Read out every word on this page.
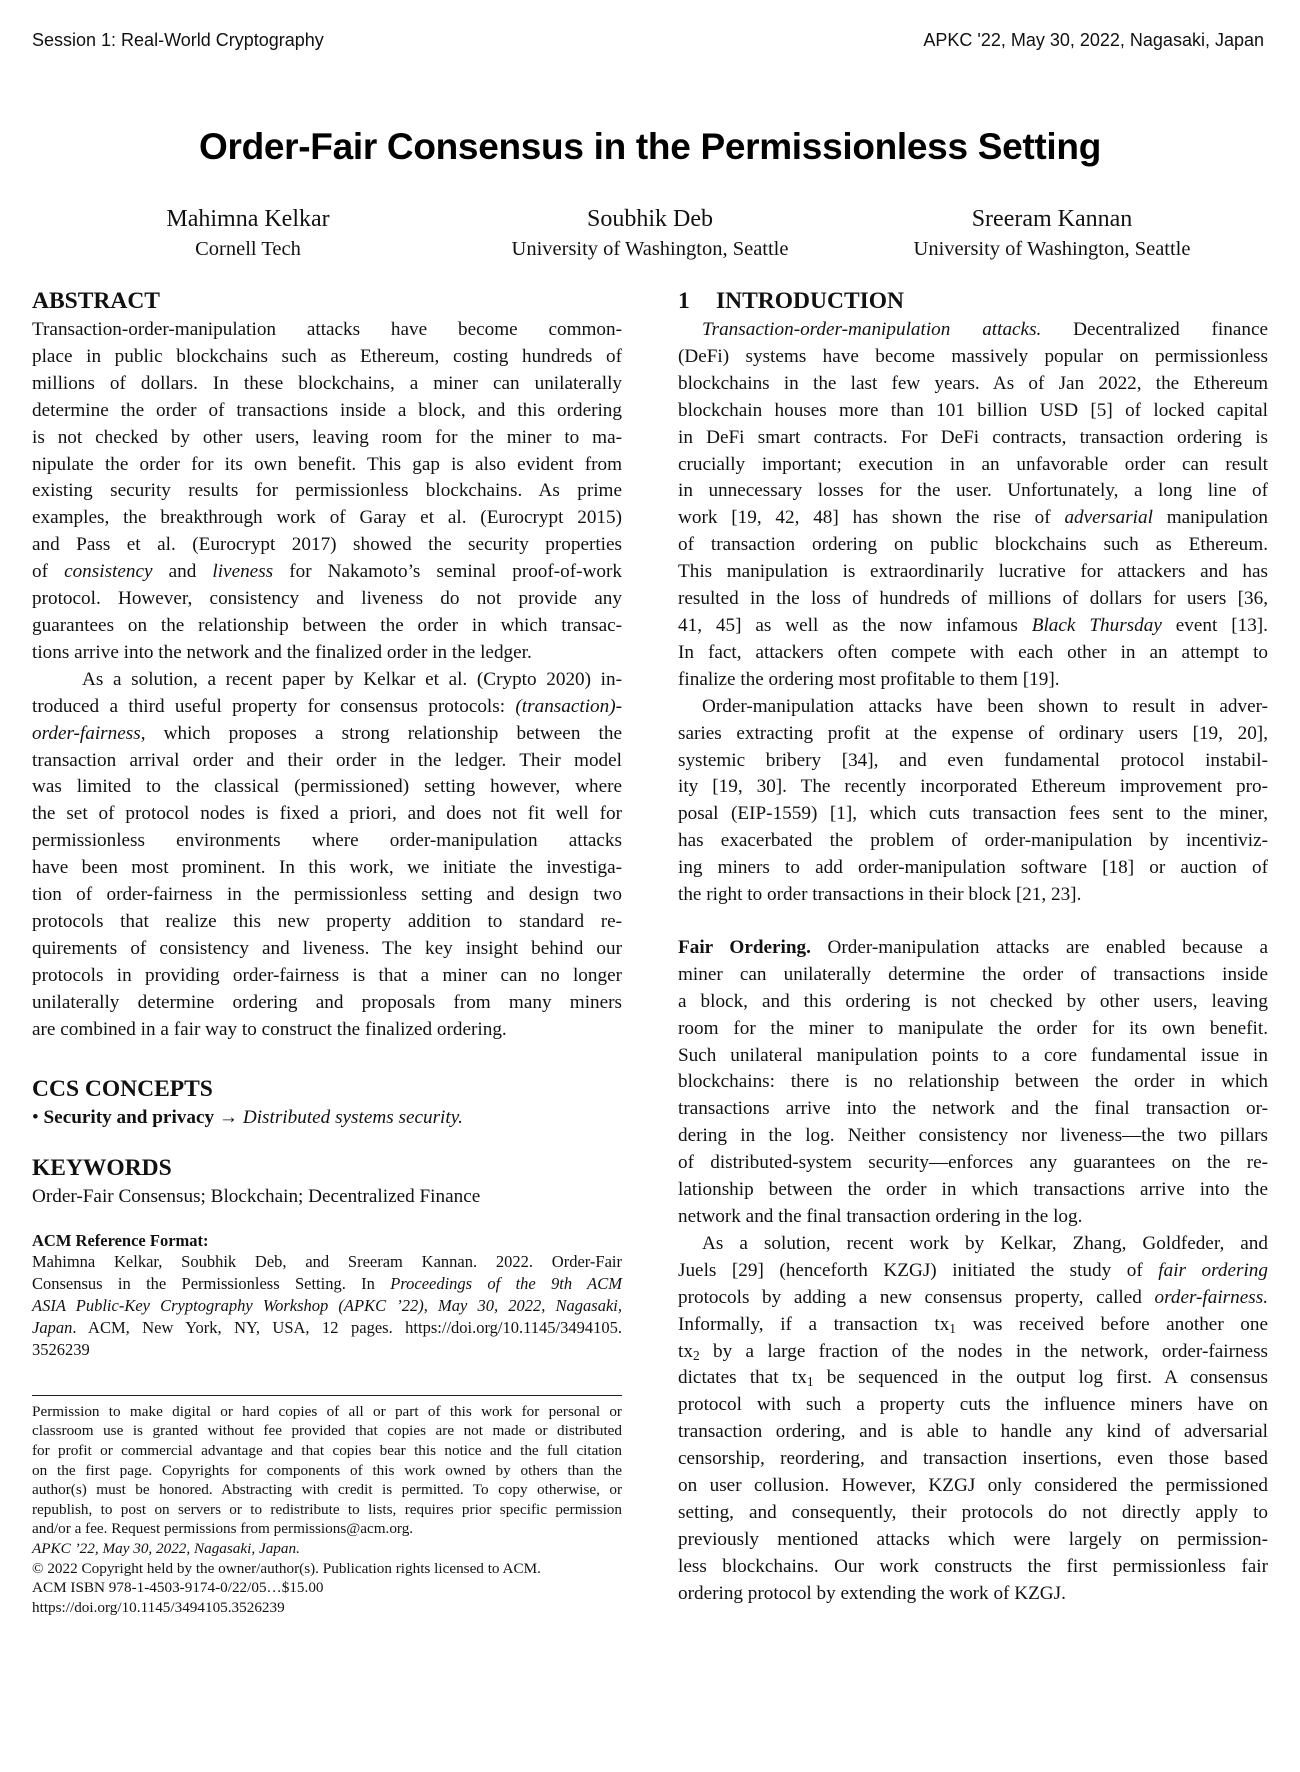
Session 1: Real-World Cryptography	APKC '22, May 30, 2022, Nagasaki, Japan
Order-Fair Consensus in the Permissionless Setting
Mahimna Kelkar
Cornell Tech
Soubhik Deb
University of Washington, Seattle
Sreeram Kannan
University of Washington, Seattle
ABSTRACT
Transaction-order-manipulation attacks have become common-
place in public blockchains such as Ethereum, costing hundreds of
millions of dollars. In these blockchains, a miner can unilaterally
determine the order of transactions inside a block, and this ordering
is not checked by other users, leaving room for the miner to ma-
nipulate the order for its own benefit. This gap is also evident from
existing security results for permissionless blockchains. As prime
examples, the breakthrough work of Garay et al. (Eurocrypt 2015)
and Pass et al. (Eurocrypt 2017) showed the security properties
of consistency and liveness for Nakamoto’s seminal proof-of-work
protocol. However, consistency and liveness do not provide any
guarantees on the relationship between the order in which transac-
tions arrive into the network and the finalized order in the ledger.
As a solution, a recent paper by Kelkar et al. (Crypto 2020) in-
troduced a third useful property for consensus protocols: (transaction)-
order-fairness, which proposes a strong relationship between the
transaction arrival order and their order in the ledger. Their model
was limited to the classical (permissioned) setting however, where
the set of protocol nodes is fixed a priori, and does not fit well for
permissionless environments where order-manipulation attacks
have been most prominent. In this work, we initiate the investiga-
tion of order-fairness in the permissionless setting and design two
protocols that realize this new property addition to standard re-
quirements of consistency and liveness. The key insight behind our
protocols in providing order-fairness is that a miner can no longer
unilaterally determine ordering and proposals from many miners
are combined in a fair way to construct the finalized ordering.
CCS CONCEPTS
• Security and privacy → Distributed systems security.
KEYWORDS
Order-Fair Consensus; Blockchain; Decentralized Finance
ACM Reference Format:
Mahimna Kelkar, Soubhik Deb, and Sreeram Kannan. 2022. Order-Fair
Consensus in the Permissionless Setting. In Proceedings of the 9th ACM
ASIA Public-Key Cryptography Workshop (APKC ’22), May 30, 2022, Nagasaki,
Japan. ACM, New York, NY, USA, 12 pages. https://doi.org/10.1145/3494105.
3526239
Permission to make digital or hard copies of all or part of this work for personal or
classroom use is granted without fee provided that copies are not made or distributed
for profit or commercial advantage and that copies bear this notice and the full citation
on the first page. Copyrights for components of this work owned by others than the
author(s) must be honored. Abstracting with credit is permitted. To copy otherwise, or
republish, to post on servers or to redistribute to lists, requires prior specific permission
and/or a fee. Request permissions from permissions@acm.org.
APKC ’22, May 30, 2022, Nagasaki, Japan.
© 2022 Copyright held by the owner/author(s). Publication rights licensed to ACM.
ACM ISBN 978-1-4503-9174-0/22/05…$15.00
https://doi.org/10.1145/3494105.3526239
1 INTRODUCTION
Transaction-order-manipulation attacks. Decentralized finance
(DeFi) systems have become massively popular on permissionless
blockchains in the last few years. As of Jan 2022, the Ethereum
blockchain houses more than 101 billion USD [5] of locked capital
in DeFi smart contracts. For DeFi contracts, transaction ordering is
crucially important; execution in an unfavorable order can result
in unnecessary losses for the user. Unfortunately, a long line of
work [19, 42, 48] has shown the rise of adversarial manipulation
of transaction ordering on public blockchains such as Ethereum.
This manipulation is extraordinarily lucrative for attackers and has
resulted in the loss of hundreds of millions of dollars for users [36,
41, 45] as well as the now infamous Black Thursday event [13].
In fact, attackers often compete with each other in an attempt to
finalize the ordering most profitable to them [19].
Order-manipulation attacks have been shown to result in adver-
saries extracting profit at the expense of ordinary users [19, 20],
systemic bribery [34], and even fundamental protocol instabil-
ity [19, 30]. The recently incorporated Ethereum improvement pro-
posal (EIP-1559) [1], which cuts transaction fees sent to the miner,
has exacerbated the problem of order-manipulation by incentiviz-
ing miners to add order-manipulation software [18] or auction of
the right to order transactions in their block [21, 23].
Fair Ordering. Order-manipulation attacks are enabled because a
miner can unilaterally determine the order of transactions inside
a block, and this ordering is not checked by other users, leaving
room for the miner to manipulate the order for its own benefit.
Such unilateral manipulation points to a core fundamental issue in
blockchains: there is no relationship between the order in which
transactions arrive into the network and the final transaction or-
dering in the log. Neither consistency nor liveness—the two pillars
of distributed-system security—enforces any guarantees on the re-
lationship between the order in which transactions arrive into the
network and the final transaction ordering in the log.
As a solution, recent work by Kelkar, Zhang, Goldfeder, and
Juels [29] (henceforth KZGJ) initiated the study of fair ordering
protocols by adding a new consensus property, called order-fairness.
Informally, if a transaction $tx_1$ was received before another one
$tx_2$ by a large fraction of the nodes in the network, order-fairness
dictates that $tx_1$ be sequenced in the output log first. A consensus
protocol with such a property cuts the influence miners have on
transaction ordering, and is able to handle any kind of adversarial
censorship, reordering, and transaction insertions, even those based
on user collusion. However, KZGJ only considered the permissioned
setting, and consequently, their protocols do not directly apply to
previously mentioned attacks which were largely on permission-
less blockchains. Our work constructs the first permissionless fair
ordering protocol by extending the work of KZGJ.
